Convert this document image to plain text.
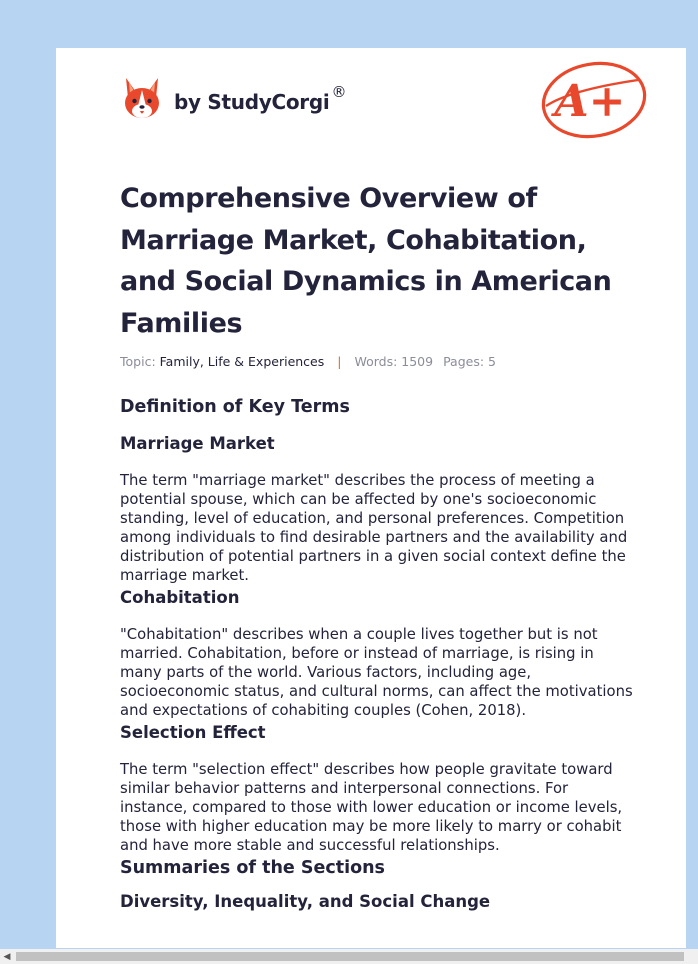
by StudyCorgi ®	A+
Comprehensive Overview of Marriage Market, Cohabitation, and Social Dynamics in American Families
Topic: Family, Life & Experiences | Words: 1509 Pages: 5
Definition of Key Terms
Marriage Market

The term "marriage market" describes the process of meeting a potential spouse, which can be affected by one's socioeconomic standing, level of education, and personal preferences. Competition among individuals to find desirable partners and the availability and distribution of potential partners in a given social context define the marriage market.

Cohabitation

"Cohabitation" describes when a couple lives together but is not married. Cohabitation, before or instead of marriage, is rising in many parts of the world. Various factors, including age, socioeconomic status, and cultural norms, can affect the motivations and expectations of cohabiting couples (Cohen, 2018).

Selection Effect

The term "selection effect" describes how people gravitate toward similar behavior patterns and interpersonal connections. For instance, compared to those with lower education or income levels, those with higher education may be more likely to marry or cohabit and have more stable and successful relationships.

Summaries of the Sections
Diversity, Inequality, and Social Change
◀
